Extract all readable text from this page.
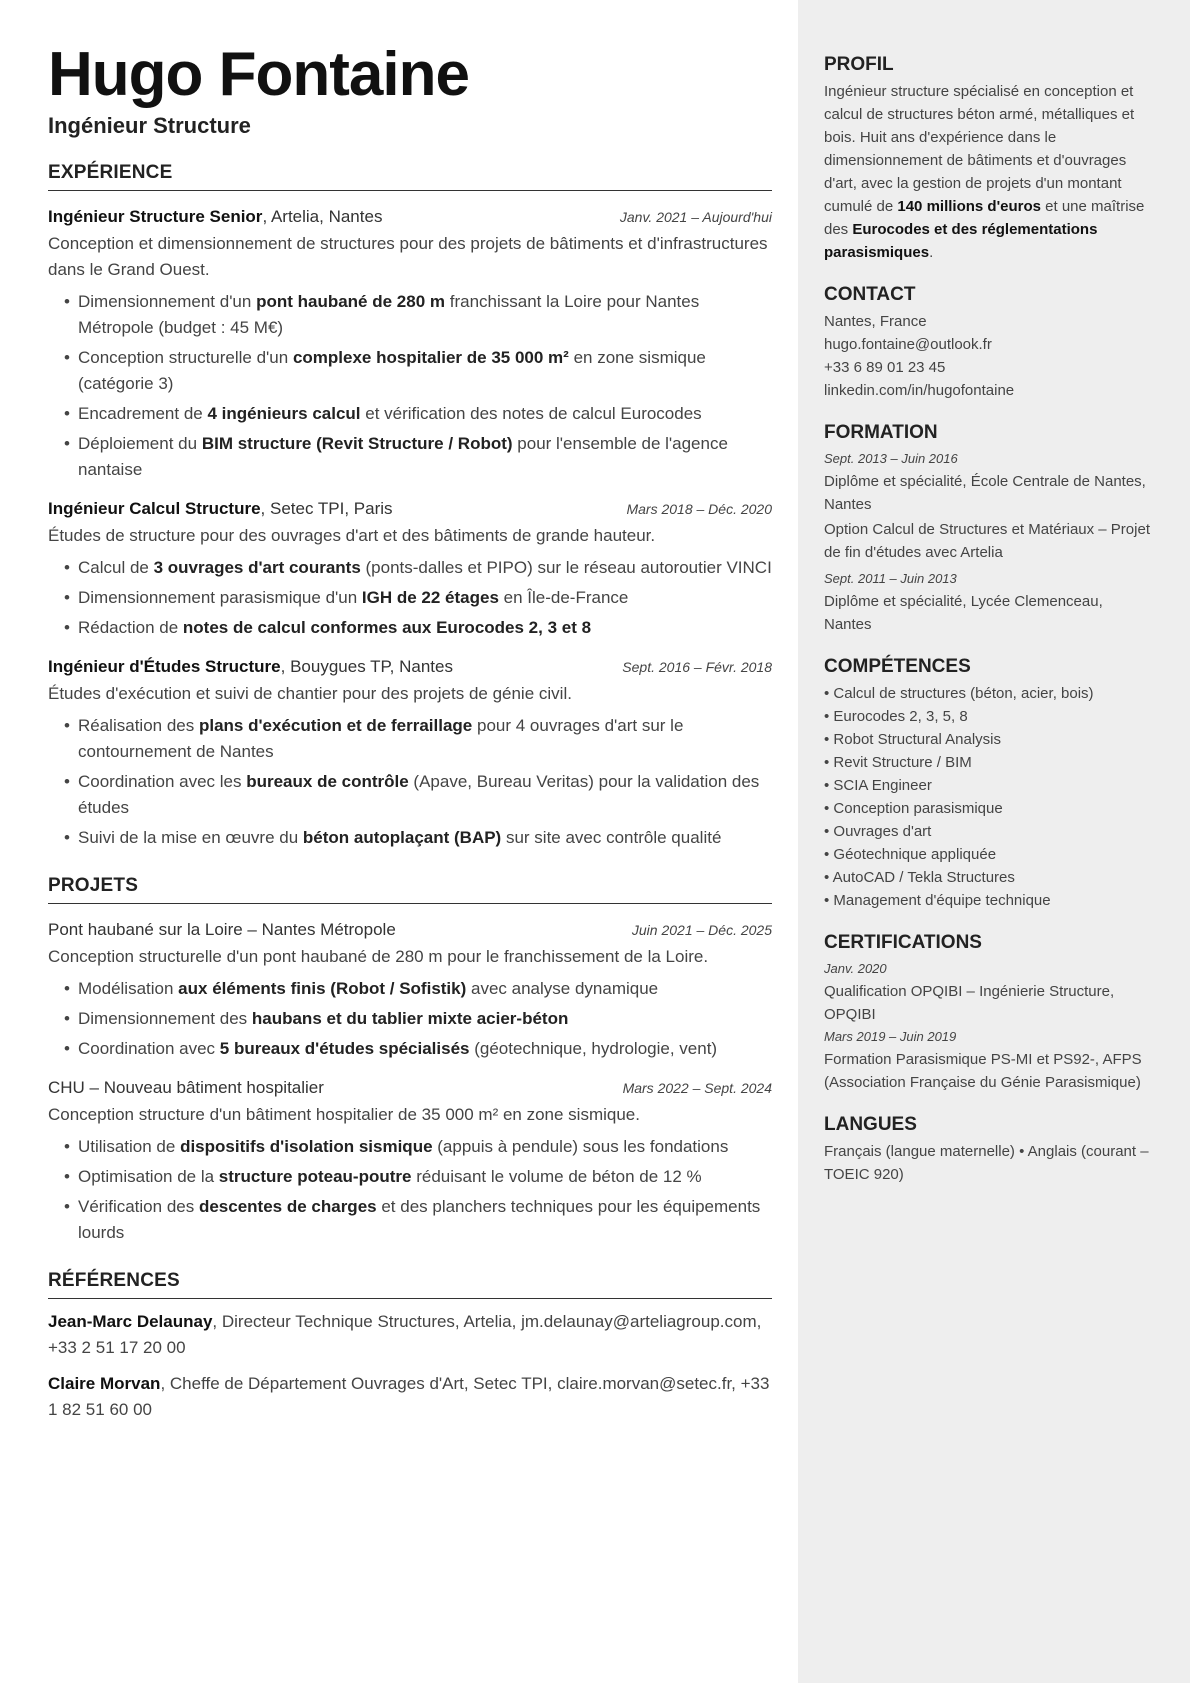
Hugo Fontaine
Ingénieur Structure
EXPÉRIENCE
Ingénieur Structure Senior, Artelia, Nantes	Janv. 2021 – Aujourd'hui
Conception et dimensionnement de structures pour des projets de bâtiments et d'infrastructures dans le Grand Ouest.
• Dimensionnement d'un pont haubané de 280 m franchissant la Loire pour Nantes Métropole (budget : 45 M€)
• Conception structurelle d'un complexe hospitalier de 35 000 m² en zone sismique (catégorie 3)
• Encadrement de 4 ingénieurs calcul et vérification des notes de calcul Eurocodes
• Déploiement du BIM structure (Revit Structure / Robot) pour l'ensemble de l'agence nantaise
Ingénieur Calcul Structure, Setec TPI, Paris	Mars 2018 – Déc. 2020
Études de structure pour des ouvrages d'art et des bâtiments de grande hauteur.
• Calcul de 3 ouvrages d'art courants (ponts-dalles et PIPO) sur le réseau autoroutier VINCI
• Dimensionnement parasismique d'un IGH de 22 étages en Île-de-France
• Rédaction de notes de calcul conformes aux Eurocodes 2, 3 et 8
Ingénieur d'Études Structure, Bouygues TP, Nantes	Sept. 2016 – Févr. 2018
Études d'exécution et suivi de chantier pour des projets de génie civil.
• Réalisation des plans d'exécution et de ferraillage pour 4 ouvrages d'art sur le contournement de Nantes
• Coordination avec les bureaux de contrôle (Apave, Bureau Veritas) pour la validation des études
• Suivi de la mise en œuvre du béton autoplaçant (BAP) sur site avec contrôle qualité
PROJETS
Pont haubané sur la Loire – Nantes Métropole	Juin 2021 – Déc. 2025
Conception structurelle d'un pont haubané de 280 m pour le franchissement de la Loire.
• Modélisation aux éléments finis (Robot / Sofistik) avec analyse dynamique
• Dimensionnement des haubans et du tablier mixte acier-béton
• Coordination avec 5 bureaux d'études spécialisés (géotechnique, hydrologie, vent)
CHU – Nouveau bâtiment hospitalier	Mars 2022 – Sept. 2024
Conception structure d'un bâtiment hospitalier de 35 000 m² en zone sismique.
• Utilisation de dispositifs d'isolation sismique (appuis à pendule) sous les fondations
• Optimisation de la structure poteau-poutre réduisant le volume de béton de 12 %
• Vérification des descentes de charges et des planchers techniques pour les équipements lourds
RÉFÉRENCES
Jean-Marc Delaunay, Directeur Technique Structures, Artelia, jm.delaunay@arteliagroup.com, +33 2 51 17 20 00
Claire Morvan, Cheffe de Département Ouvrages d'Art, Setec TPI, claire.morvan@setec.fr, +33 1 82 51 60 00
PROFIL
Ingénieur structure spécialisé en conception et calcul de structures béton armé, métalliques et bois. Huit ans d'expérience dans le dimensionnement de bâtiments et d'ouvrages d'art, avec la gestion de projets d'un montant cumulé de 140 millions d'euros et une maîtrise des Eurocodes et des réglementations parasismiques.
CONTACT
Nantes, France
hugo.fontaine@outlook.fr
+33 6 89 01 23 45
linkedin.com/in/hugofontaine
FORMATION
Sept. 2013 – Juin 2016
Diplôme et spécialité, École Centrale de Nantes, Nantes
Option Calcul de Structures et Matériaux – Projet de fin d'études avec Artelia
Sept. 2011 – Juin 2013
Diplôme et spécialité, Lycée Clemenceau, Nantes
COMPÉTENCES
• Calcul de structures (béton, acier, bois)
• Eurocodes 2, 3, 5, 8
• Robot Structural Analysis
• Revit Structure / BIM
• SCIA Engineer
• Conception parasismique
• Ouvrages d'art
• Géotechnique appliquée
• AutoCAD / Tekla Structures
• Management d'équipe technique
CERTIFICATIONS
Janv. 2020
Qualification OPQIBI – Ingénierie Structure, OPQIBI
Mars 2019 – Juin 2019
Formation Parasismique PS-MI et PS92-, AFPS (Association Française du Génie Parasismique)
LANGUES
Français (langue maternelle) • Anglais (courant – TOEIC 920)
